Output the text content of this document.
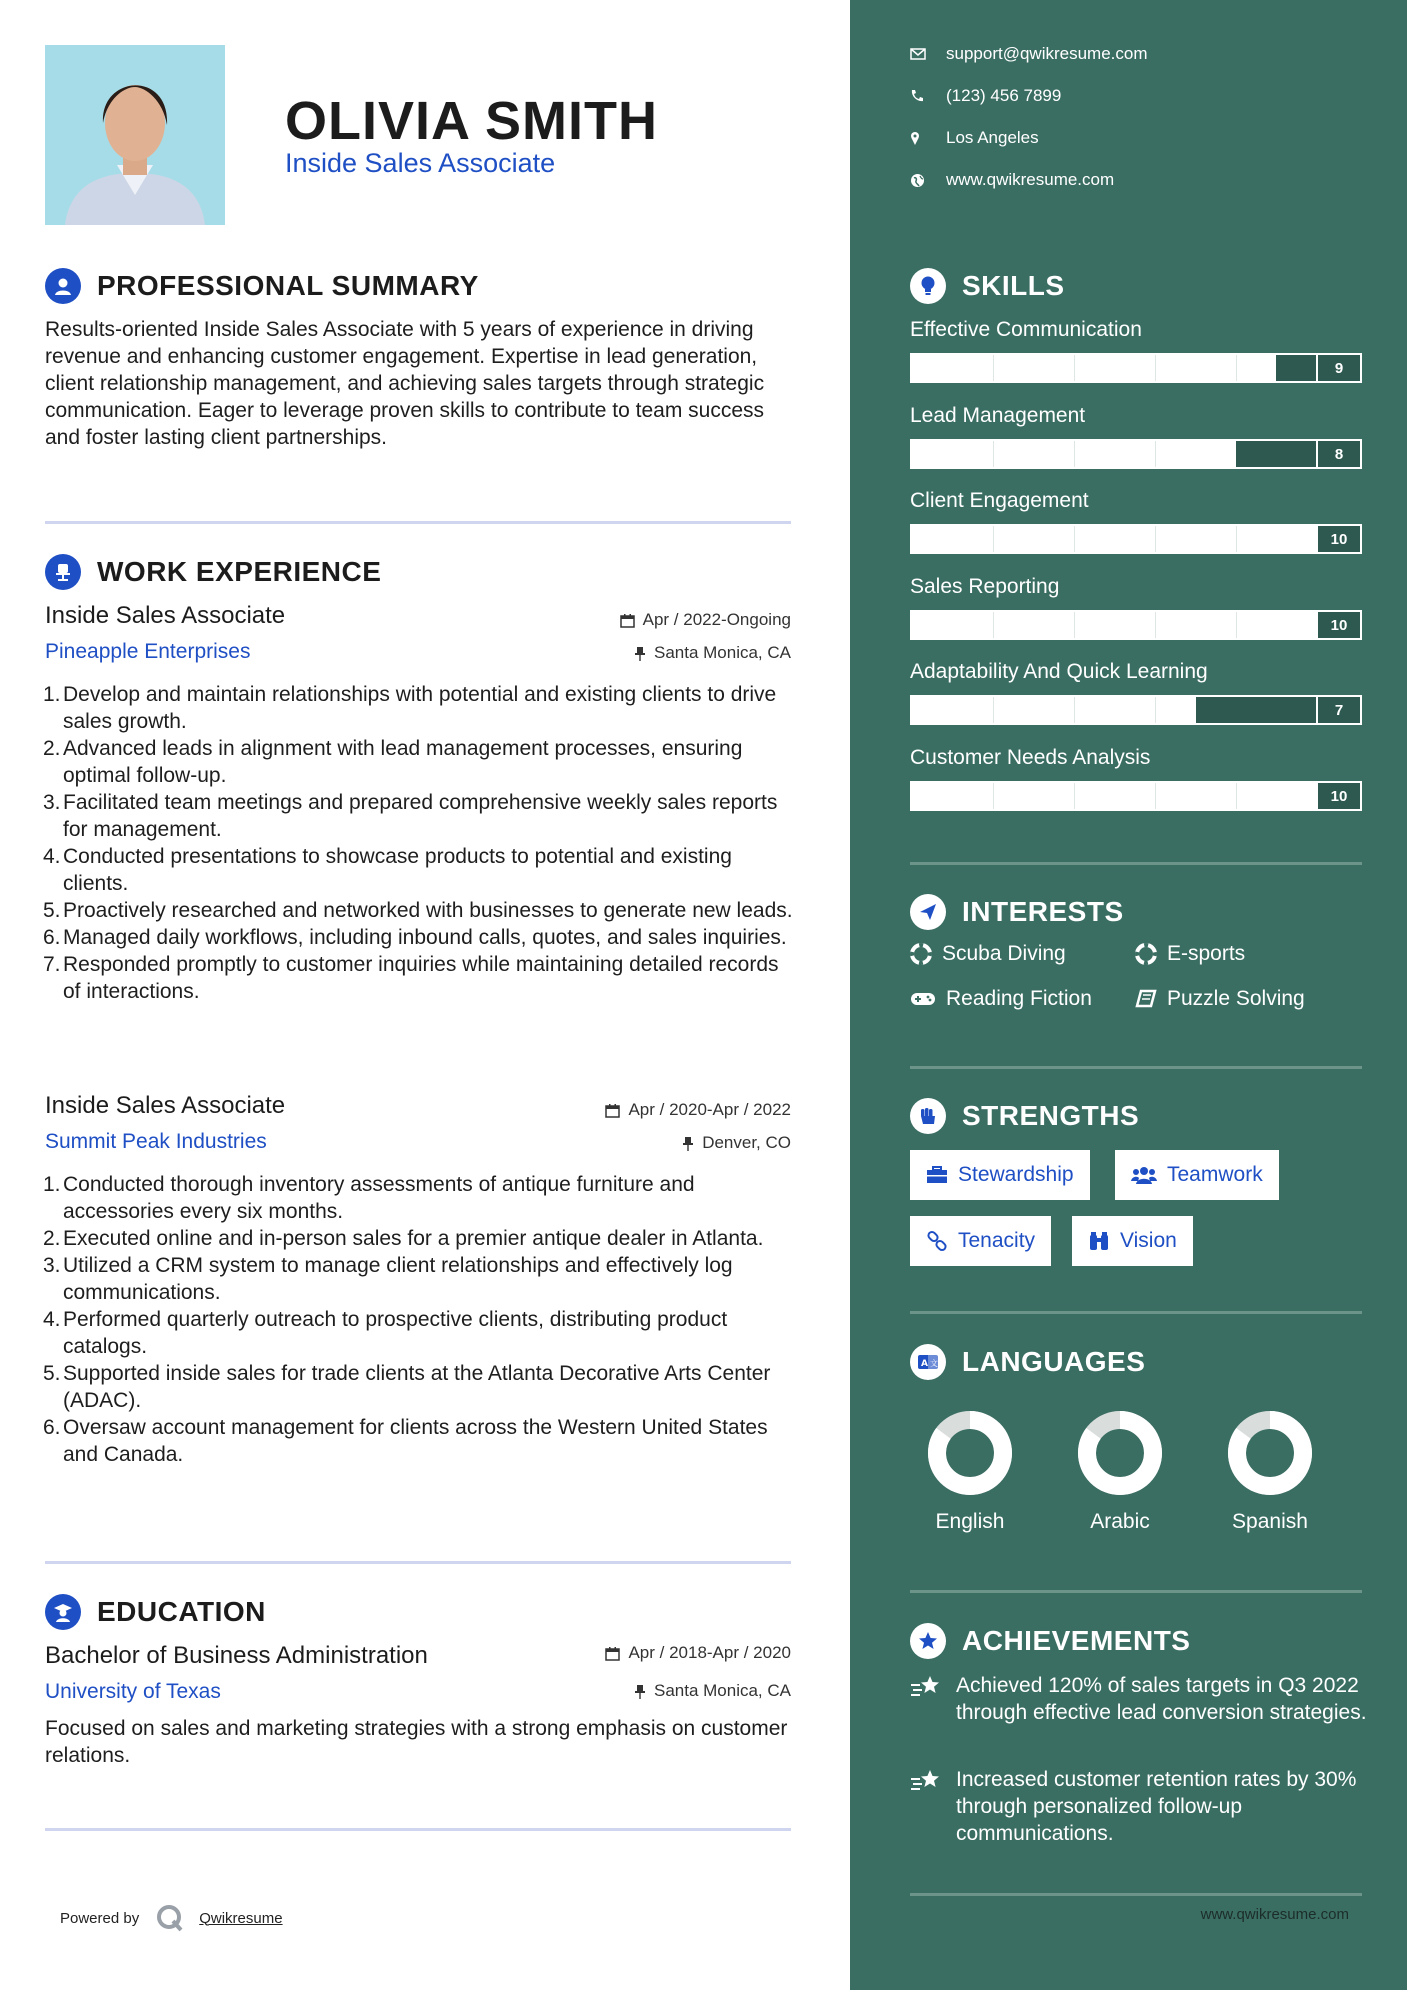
OLIVIA SMITH
Inside Sales Associate
PROFESSIONAL SUMMARY
Results-oriented Inside Sales Associate with 5 years of experience in driving revenue and enhancing customer engagement. Expertise in lead generation, client relationship management, and achieving sales targets through strategic communication. Eager to leverage proven skills to contribute to team success and foster lasting client partnerships.
WORK EXPERIENCE
Inside Sales Associate	Apr / 2022-Ongoing
Pineapple Enterprises	Santa Monica, CA
1. Develop and maintain relationships with potential and existing clients to drive sales growth.
2. Advanced leads in alignment with lead management processes, ensuring optimal follow-up.
3. Facilitated team meetings and prepared comprehensive weekly sales reports for management.
4. Conducted presentations to showcase products to potential and existing clients.
5. Proactively researched and networked with businesses to generate new leads.
6. Managed daily workflows, including inbound calls, quotes, and sales inquiries.
7. Responded promptly to customer inquiries while maintaining detailed records of interactions.
Inside Sales Associate	Apr / 2020-Apr / 2022
Summit Peak Industries	Denver, CO
1. Conducted thorough inventory assessments of antique furniture and accessories every six months.
2. Executed online and in-person sales for a premier antique dealer in Atlanta.
3. Utilized a CRM system to manage client relationships and effectively log communications.
4. Performed quarterly outreach to prospective clients, distributing product catalogs.
5. Supported inside sales for trade clients at the Atlanta Decorative Arts Center (ADAC).
6. Oversaw account management for clients across the Western United States and Canada.
EDUCATION
Bachelor of Business Administration	Apr / 2018-Apr / 2020
University of Texas	Santa Monica, CA
Focused on sales and marketing strategies with a strong emphasis on customer relations.
Powered by	Qwikresume
support@qwikresume.com
(123) 456 7899
Los Angeles
www.qwikresume.com
SKILLS
Effective Communication
9
Lead Management
8
Client Engagement
10
Sales Reporting
10
Adaptability And Quick Learning
7
Customer Needs Analysis
10
INTERESTS
Scuba Diving	E-sports
Reading Fiction	Puzzle Solving
STRENGTHS
Stewardship	Teamwork
Tenacity	Vision
A 文 LANGUAGES
English	Arabic	Spanish
ACHIEVEMENTS
Achieved 120% of sales targets in Q3 2022 through effective lead conversion strategies.
Increased customer retention rates by 30% through personalized follow-up communications.
www.qwikresume.com
